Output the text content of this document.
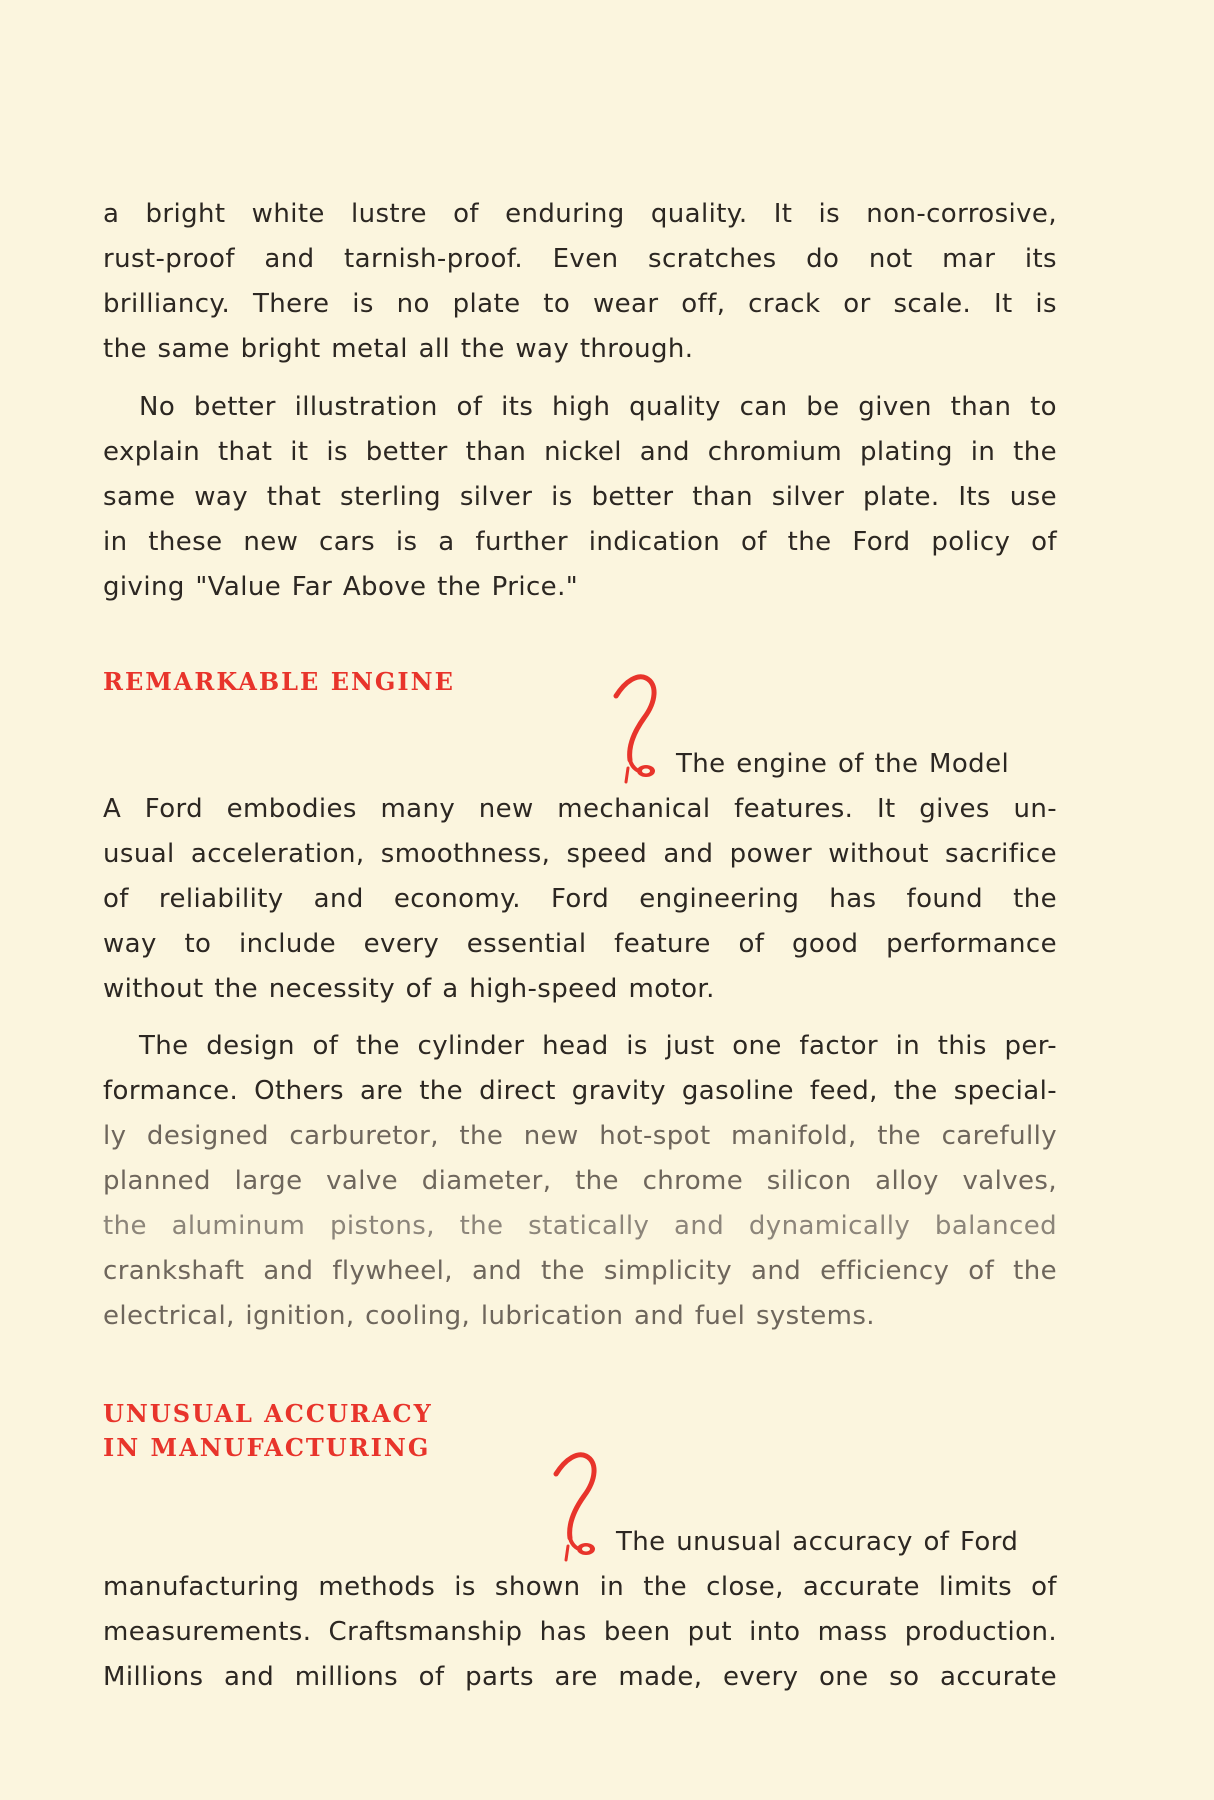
a bright white lustre of enduring quality. It is non-corrosive,
rust-proof and tarnish-proof. Even scratches do not mar its
brilliancy. There is no plate to wear off, crack or scale. It is
the same bright metal all the way through.
No better illustration of its high quality can be given than to
explain that it is better than nickel and chromium plating in the
same way that sterling silver is better than silver plate. Its use
in these new cars is a further indication of the Ford policy of
giving "Value Far Above the Price."
REMARKABLE ENGINE
The engine of the Model
A Ford embodies many new mechanical features. It gives un-
usual acceleration, smoothness, speed and power without sacrifice
of reliability and economy. Ford engineering has found the
way to include every essential feature of good performance
without the necessity of a high-speed motor.
The design of the cylinder head is just one factor in this per-
formance. Others are the direct gravity gasoline feed, the special-
ly designed carburetor, the new hot-spot manifold, the carefully
planned large valve diameter, the chrome silicon alloy valves,
the aluminum pistons, the statically and dynamically balanced
crankshaft and flywheel, and the simplicity and efficiency of the
electrical, ignition, cooling, lubrication and fuel systems.
UNUSUAL ACCURACY
IN MANUFACTURING
The unusual accuracy of Ford
manufacturing methods is shown in the close, accurate limits of
measurements. Craftsmanship has been put into mass production.
Millions and millions of parts are made, every one so accurate
